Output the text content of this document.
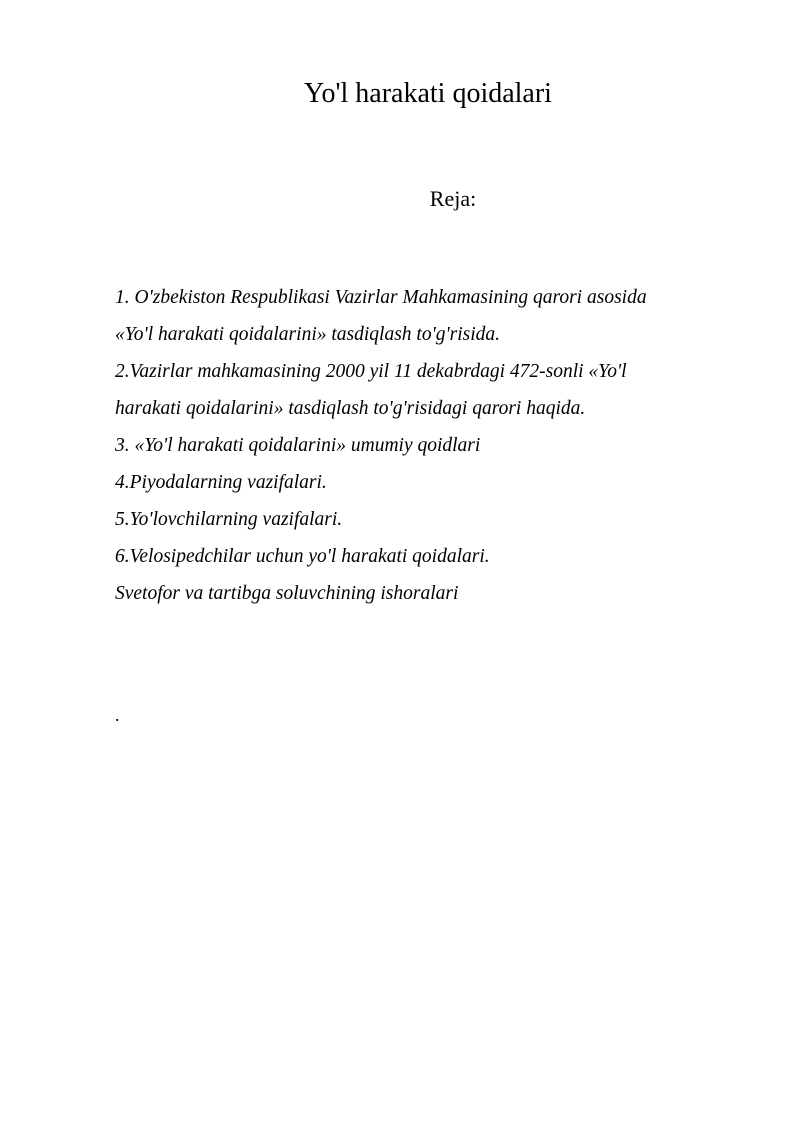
Yo'l harakati qoidalari
Reja:
1. O'zbekiston Respublikasi Vazirlar Mahkamasining qarori asosida
«Yo'l harakati qoidalarini» tasdiqlash to'g'risida.
2.Vazirlar mahkamasining 2000 yil 11 dekabrdagi 472-sonli «Yo'l
harakati qoidalarini» tasdiqlash to'g'risidagi qarori haqida.
3. «Yo'l harakati qoidalarini» umumiy qoidlari
4.Piyodalarning vazifalari.
5.Yo'lovchilarning vazifalari.
6.Velosipedchilar uchun yo'l harakati qoidalari.
Svetofor va tartibga soluvchining ishoralari
.
